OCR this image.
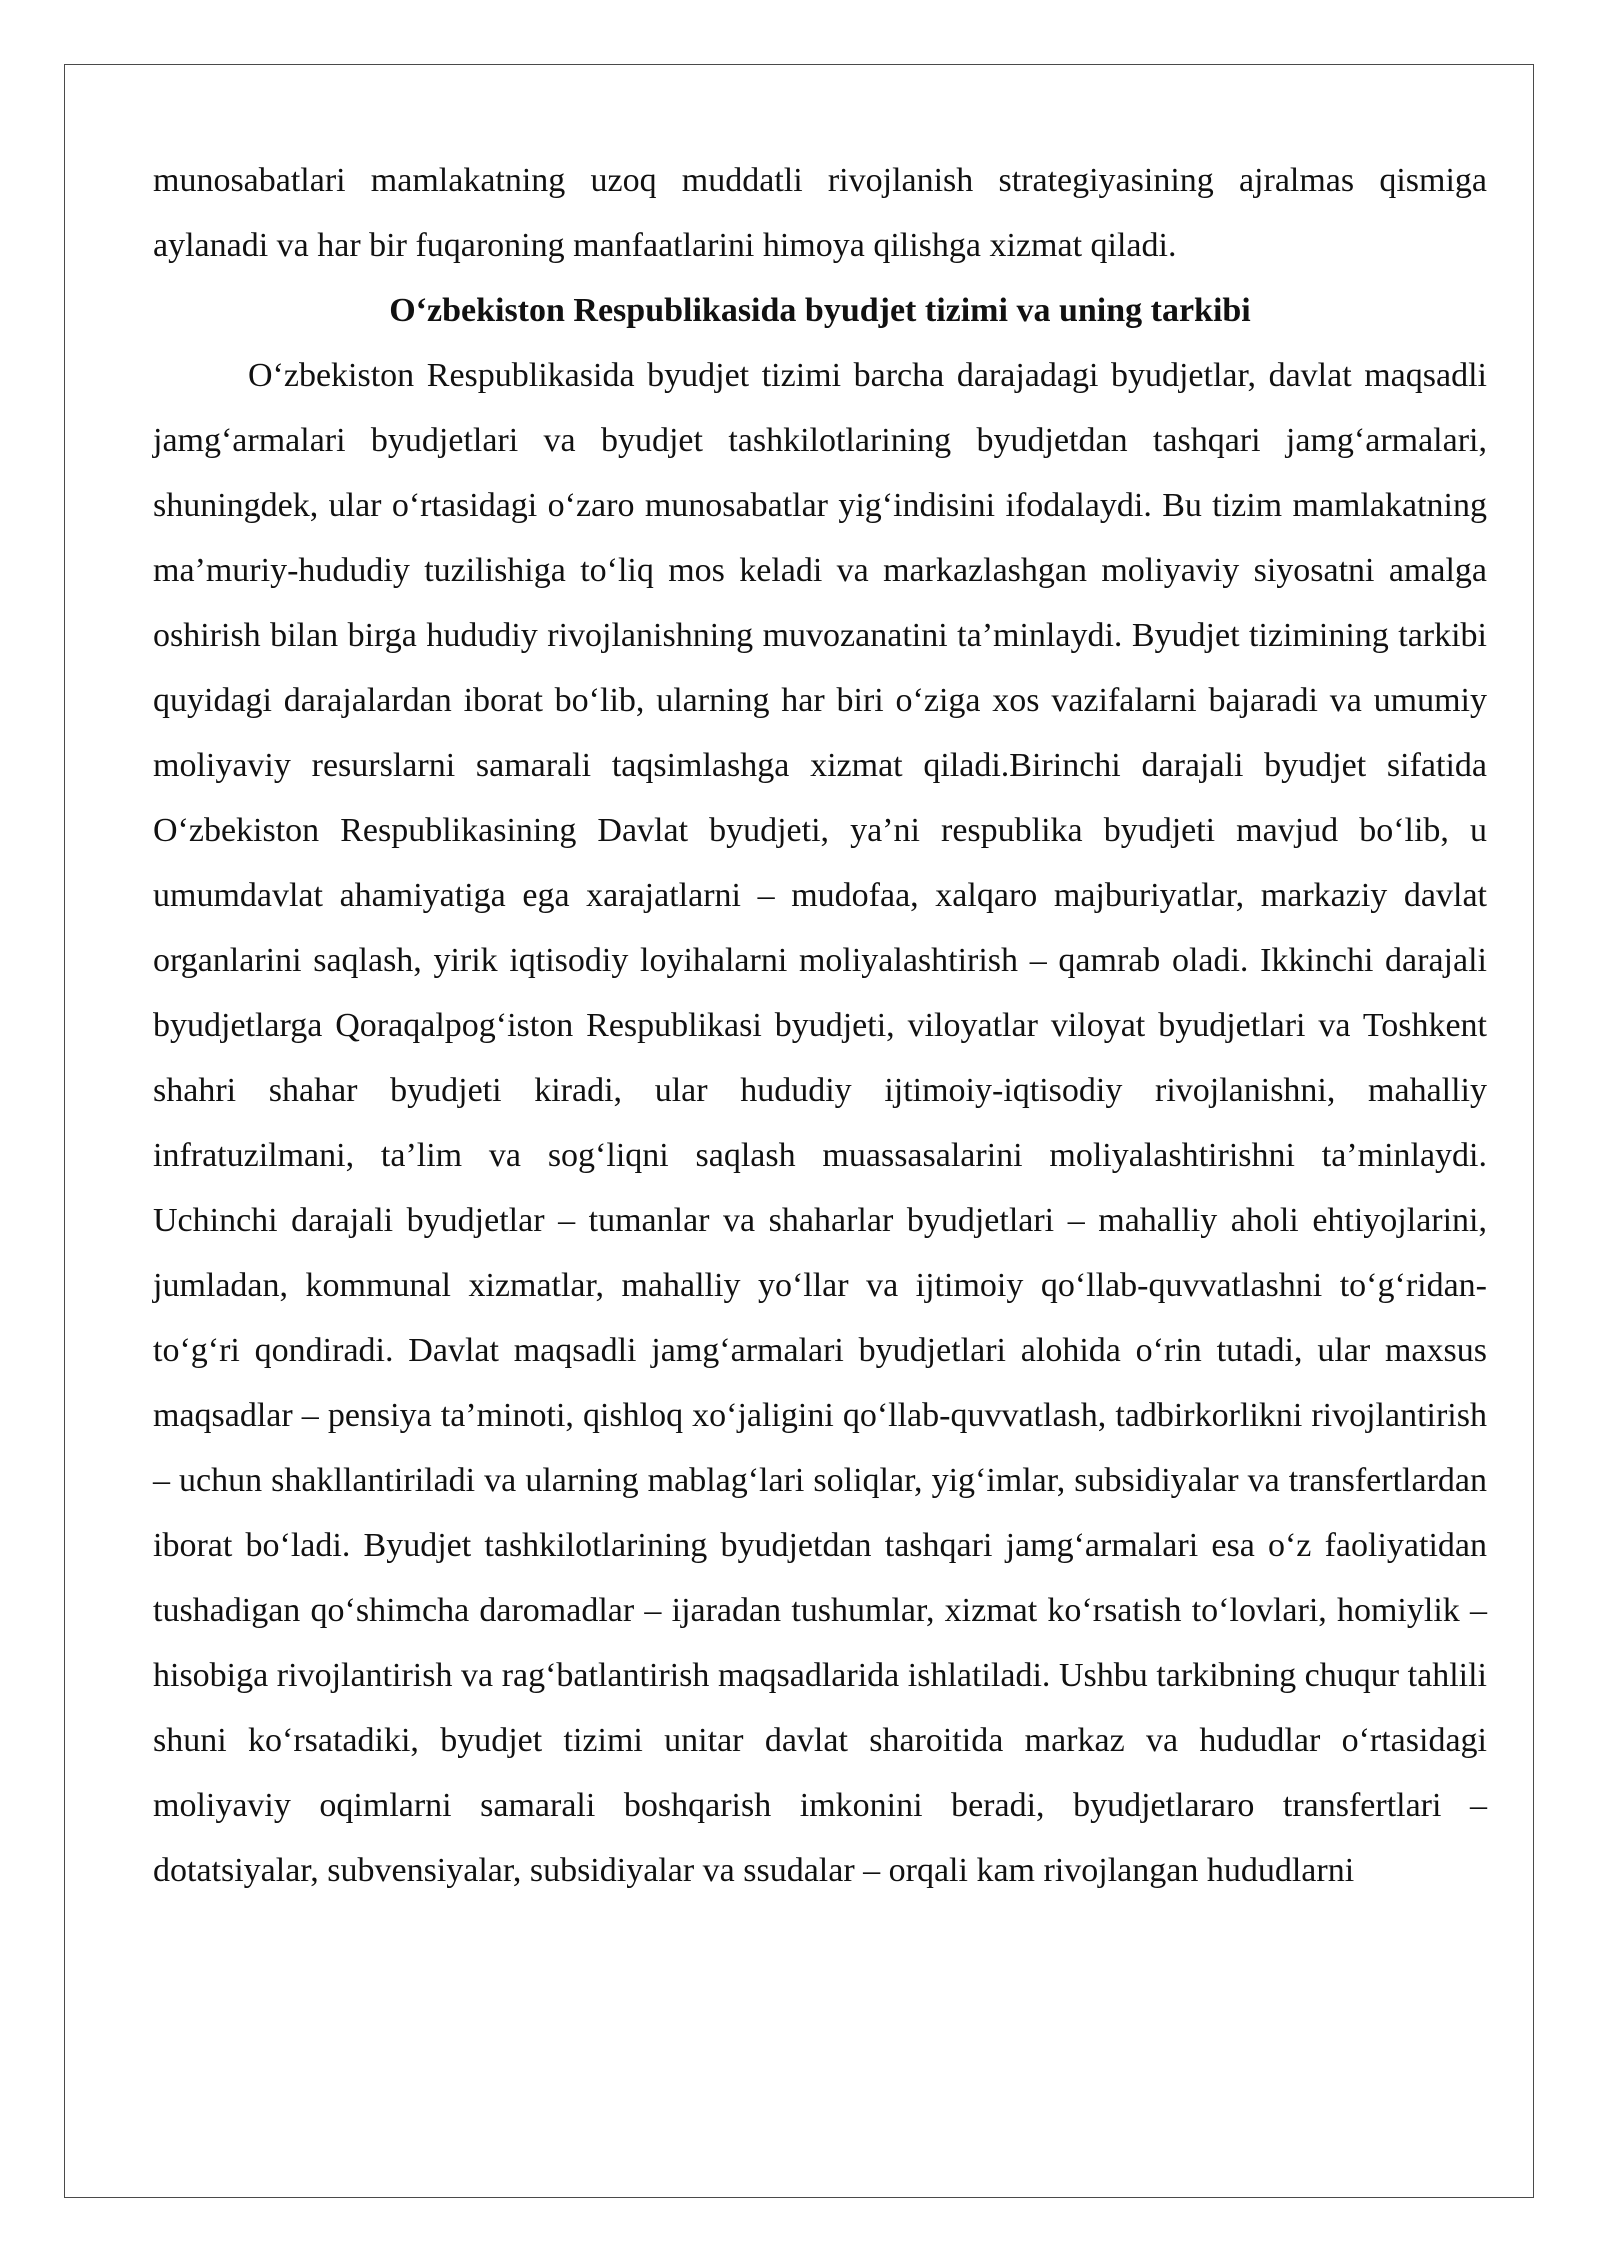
munosabatlari mamlakatning uzoq muddatli rivojlanish strategiyasining ajralmas qismiga aylanadi va har bir fuqaroning manfaatlarini himoya qilishga xizmat qiladi.

O‘zbekiston Respublikasida byudjet tizimi va uning tarkibi

O‘zbekiston Respublikasida byudjet tizimi barcha darajadagi byudjetlar, davlat maqsadli jamg‘armalari byudjetlari va byudjet tashkilotlarining byudjetdan tashqari jamg‘armalari, shuningdek, ular o‘rtasidagi o‘zaro munosabatlar yig‘indisini ifodalaydi. Bu tizim mamlakatning ma’muriy-hududiy tuzilishiga to‘liq mos keladi va markazlashgan moliyaviy siyosatni amalga oshirish bilan birga hududiy rivojlanishning muvozanatini ta’minlaydi. Byudjet tizimining tarkibi quyidagi darajalardan iborat bo‘lib, ularning har biri o‘ziga xos vazifalarni bajaradi va umumiy moliyaviy resurslarni samarali taqsimlashga xizmat qiladi.Birinchi darajali byudjet sifatida O‘zbekiston Respublikasining Davlat byudjeti, ya’ni respublika byudjeti mavjud bo‘lib, u umumdavlat ahamiyatiga ega xarajatlarni – mudofaa, xalqaro majburiyatlar, markaziy davlat organlarini saqlash, yirik iqtisodiy loyihalarni moliyalashtirish – qamrab oladi. Ikkinchi darajali byudjetlarga Qoraqalpog‘iston Respublikasi byudjeti, viloyatlar viloyat byudjetlari va Toshkent shahri shahar byudjeti kiradi, ular hududiy ijtimoiy-iqtisodiy rivojlanishni, mahalliy infratuzilmani, ta’lim va sog‘liqni saqlash muassasalarini moliyalashtirishni ta’minlaydi. Uchinchi darajali byudjetlar – tumanlar va shaharlar byudjetlari – mahalliy aholi ehtiyojlarini, jumladan, kommunal xizmatlar, mahalliy yo‘llar va ijtimoiy qo‘llab-quvvatlashni to‘g‘ridan-to‘g‘ri qondiradi. Davlat maqsadli jamg‘armalari byudjetlari alohida o‘rin tutadi, ular maxsus maqsadlar – pensiya ta’minoti, qishloq xo‘jaligini qo‘llab-quvvatlash, tadbirkorlikni rivojlantirish – uchun shakllantiriladi va ularning mablag‘lari soliqlar, yig‘imlar, subsidiyalar va transfertlardan iborat bo‘ladi. Byudjet tashkilotlarining byudjetdan tashqari jamg‘armalari esa o‘z faoliyatidan tushadigan qo‘shimcha daromadlar – ijaradan tushumlar, xizmat ko‘rsatish to‘lovlari, homiylik – hisobiga rivojlantirish va rag‘batlantirish maqsadlarida ishlatiladi. Ushbu tarkibning chuqur tahlili shuni ko‘rsatadiki, byudjet tizimi unitar davlat sharoitida markaz va hududlar o‘rtasidagi moliyaviy oqimlarni samarali boshqarish imkonini beradi, byudjetlararo transfertlari – dotatsiyalar, subvensiyalar, subsidiyalar va ssudalar – orqali kam rivojlangan hududlarni
